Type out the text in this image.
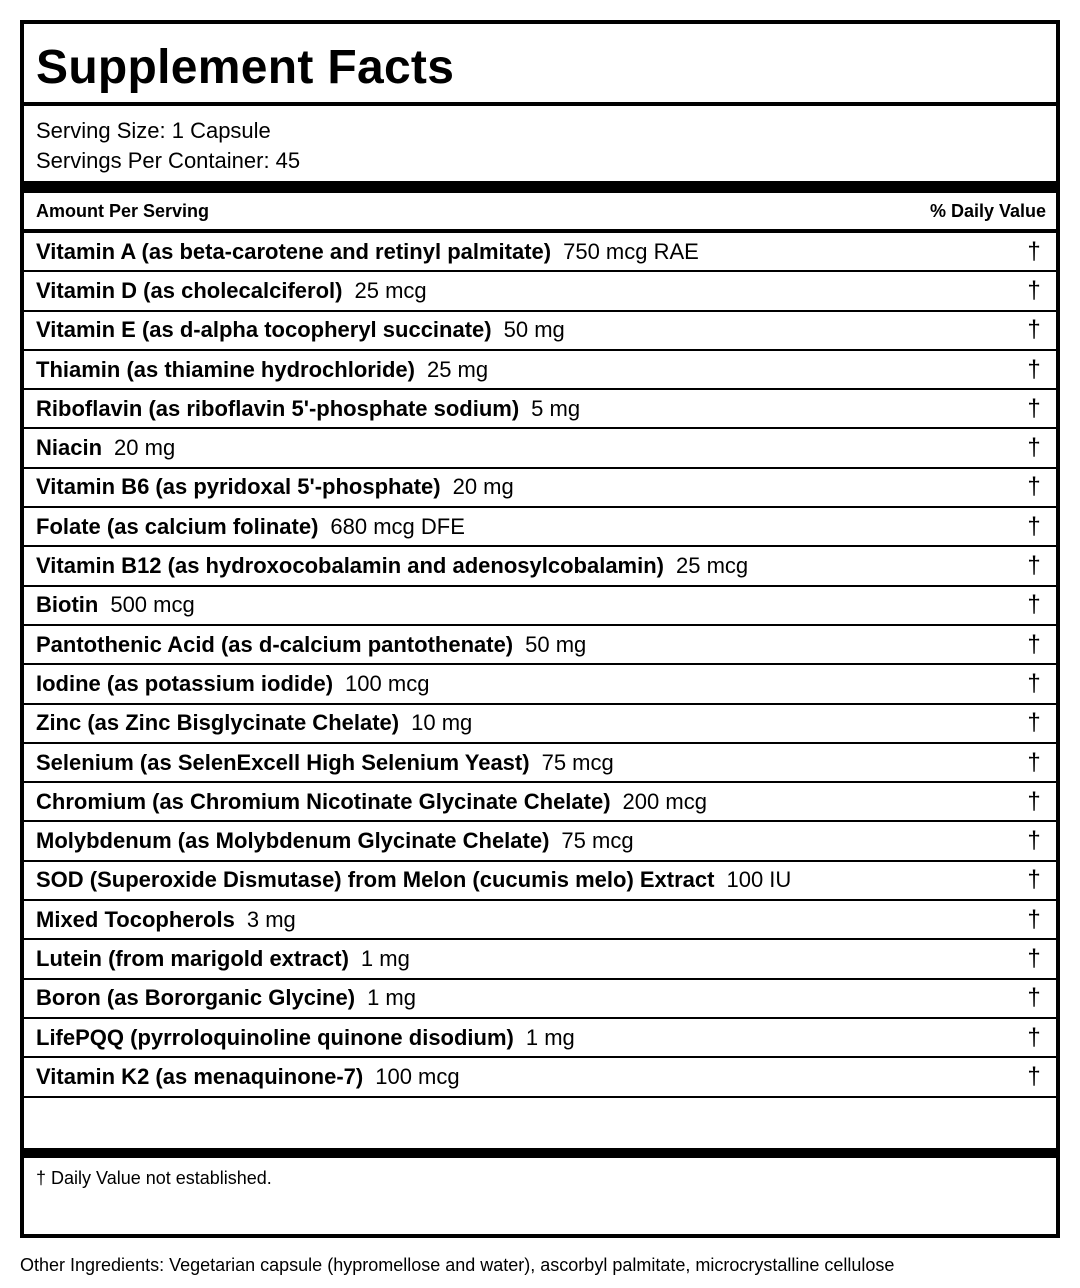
Supplement Facts
Serving Size: 1 Capsule
Servings Per Container: 45
Amount Per Serving	% Daily Value
Vitamin A (as beta-carotene and retinyl palmitate) 750 mcg RAE	†
Vitamin D (as cholecalciferol) 25 mcg	†
Vitamin E (as d-alpha tocopheryl succinate) 50 mg	†
Thiamin (as thiamine hydrochloride) 25 mg	†
Riboflavin (as riboflavin 5'-phosphate sodium) 5 mg	†
Niacin 20 mg	†
Vitamin B6 (as pyridoxal 5'-phosphate) 20 mg	†
Folate (as calcium folinate) 680 mcg DFE	†
Vitamin B12 (as hydroxocobalamin and adenosylcobalamin) 25 mcg	†
Biotin 500 mcg	†
Pantothenic Acid (as d-calcium pantothenate) 50 mg	†
Iodine (as potassium iodide) 100 mcg	†
Zinc (as Zinc Bisglycinate Chelate) 10 mg	†
Selenium (as SelenExcell High Selenium Yeast) 75 mcg	†
Chromium (as Chromium Nicotinate Glycinate Chelate) 200 mcg	†
Molybdenum (as Molybdenum Glycinate Chelate) 75 mcg	†
SOD (Superoxide Dismutase) from Melon (cucumis melo) Extract 100 IU	†
Mixed Tocopherols 3 mg	†
Lutein (from marigold extract) 1 mg	†
Boron (as Bororganic Glycine) 1 mg	†
LifePQQ (pyrroloquinoline quinone disodium) 1 mg	†
Vitamin K2 (as menaquinone-7) 100 mcg	†
† Daily Value not established.
Other Ingredients: Vegetarian capsule (hypromellose and water), ascorbyl palmitate, microcrystalline cellulose
